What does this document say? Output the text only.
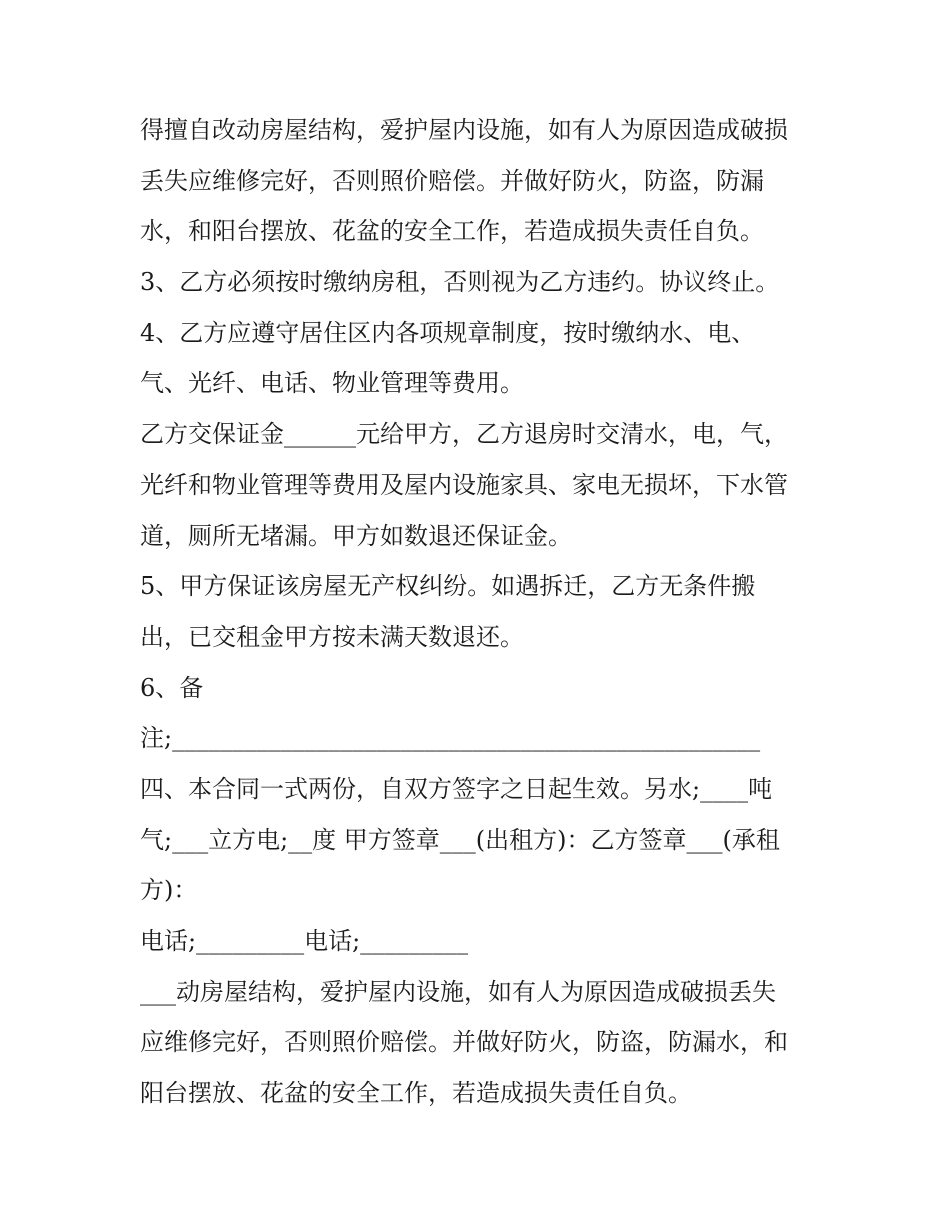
得擅自改动房屋结构，爱护屋内设施，如有人为原因造成破损
丢失应维修完好，否则照价赔偿。并做好防火，防盗，防漏
水，和阳台摆放、花盆的安全工作，若造成损失责任自负。
3、乙方必须按时缴纳房租，否则视为乙方违约。协议终止。
4、乙方应遵守居住区内各项规章制度，按时缴纳水、电、
气、光纤、电话、物业管理等费用。
乙方交保证金______元给甲方，乙方退房时交清水，电，气，
光纤和物业管理等费用及屋内设施家具、家电无损坏，下水管
道，厕所无堵漏。甲方如数退还保证金。
5、甲方保证该房屋无产权纠纷。如遇拆迁，乙方无条件搬
出，已交租金甲方按未满天数退还。
6、备
注;_________________________________________________
四、本合同一式两份，自双方签字之日起生效。另水;____吨
气;___立方电;__度 甲方签章___(出租方)：乙方签章___(承租
方)：
电话;_________电话;_________
___动房屋结构，爱护屋内设施，如有人为原因造成破损丢失
应维修完好，否则照价赔偿。并做好防火，防盗，防漏水，和
阳台摆放、花盆的安全工作，若造成损失责任自负。
